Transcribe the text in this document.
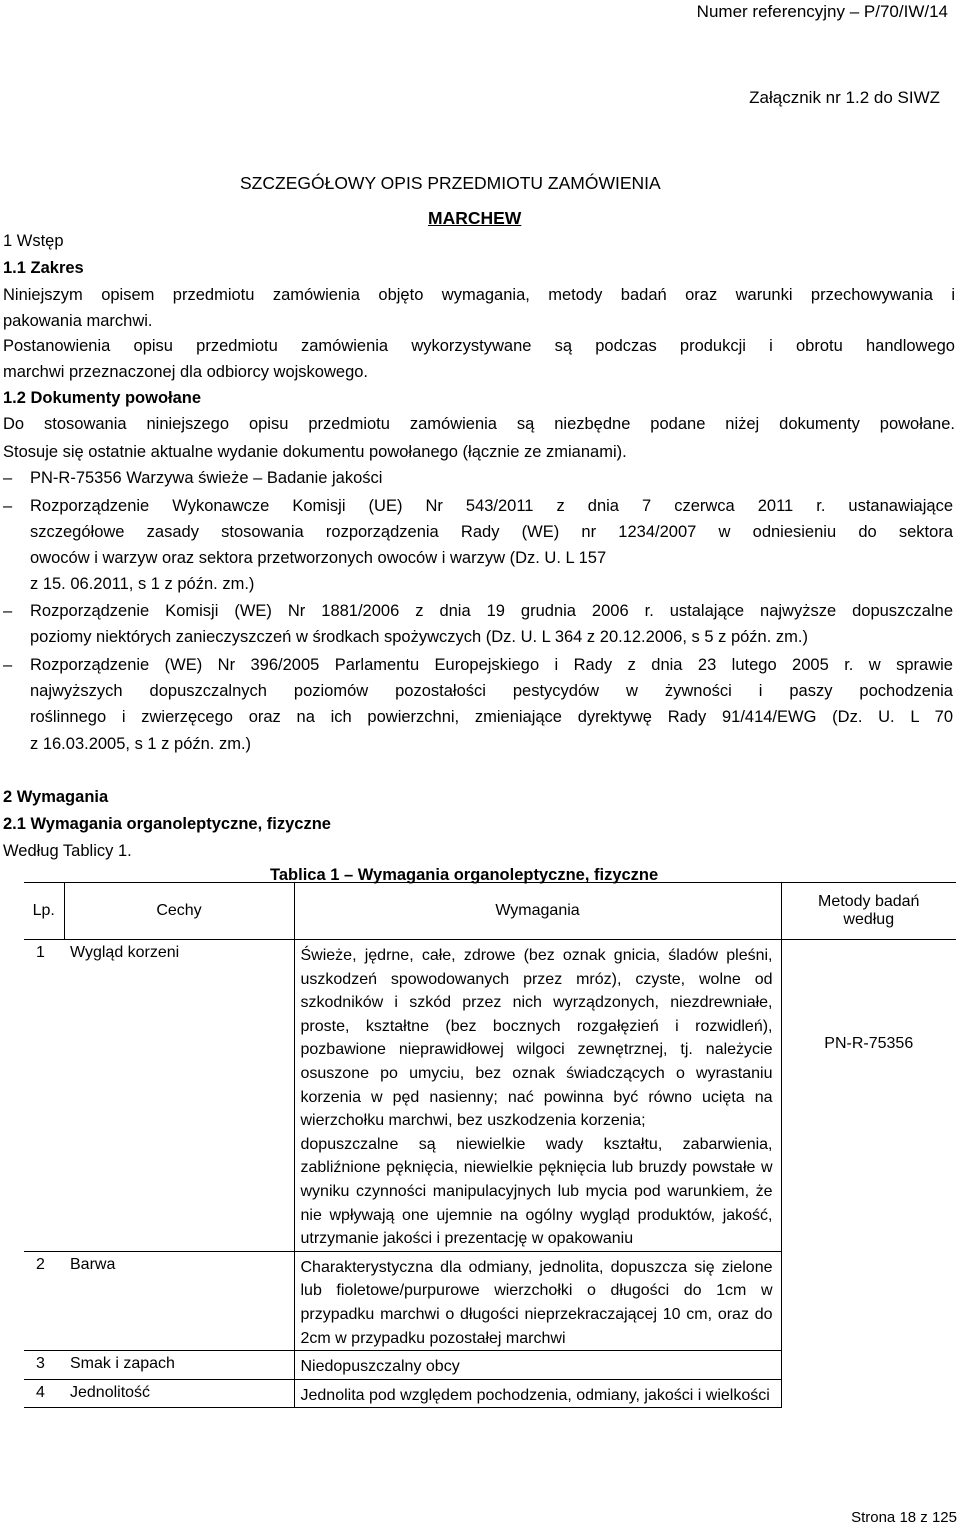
Numer referencyjny – P/70/IW/14
Załącznik nr 1.2 do SIWZ
SZCZEGÓŁOWY OPIS PRZEDMIOTU ZAMÓWIENIA
MARCHEW
1 Wstęp
1.1 Zakres
Niniejszym opisem przedmiotu zamówienia objęto wymagania, metody badań oraz warunki przechowywania i
pakowania marchwi.
Postanowienia opisu przedmiotu zamówienia wykorzystywane są podczas produkcji i obrotu handlowego
marchwi przeznaczonej dla odbiorcy wojskowego.
1.2 Dokumenty powołane
Do stosowania niniejszego opisu przedmiotu zamówienia są niezbędne podane niżej dokumenty powołane.
Stosuje się ostatnie aktualne wydanie dokumentu powołanego (łącznie ze zmianami).
– PN-R-75356 Warzywa świeże – Badanie jakości
– Rozporządzenie Wykonawcze Komisji (UE) Nr 543/2011 z dnia 7 czerwca 2011 r. ustanawiające
szczegółowe zasady stosowania rozporządzenia Rady (WE) nr 1234/2007 w odniesieniu do sektora
owoców i warzyw oraz sektora przetworzonych owoców i warzyw (Dz. U. L 157
z 15. 06.2011, s 1 z późn. zm.)
– Rozporządzenie Komisji (WE) Nr 1881/2006 z dnia 19 grudnia 2006 r. ustalające najwyższe dopuszczalne
poziomy niektórych zanieczyszczeń w środkach spożywczych (Dz. U. L 364 z 20.12.2006, s 5 z późn. zm.)
– Rozporządzenie (WE) Nr 396/2005 Parlamentu Europejskiego i Rady z dnia 23 lutego 2005 r. w sprawie
najwyższych dopuszczalnych poziomów pozostałości pestycydów w żywności i paszy pochodzenia
roślinnego i zwierzęcego oraz na ich powierzchni, zmieniające dyrektywę Rady 91/414/EWG (Dz. U. L 70
z 16.03.2005, s 1 z późn. zm.)
2 Wymagania
2.1 Wymagania organoleptyczne, fizyczne
Według Tablicy 1.
Tablica 1 – Wymagania organoleptyczne, fizyczne
Lp.	Cechy	Wymagania	Metody badań
według

1	Wygląd korzeni	Świeże, jędrne, całe, zdrowe (bez oznak gnicia, śladów pleśni, uszkodzeń spowodowanych przez mróz), czyste, wolne od szkodników i szkód przez nich wyrządzonych, niezdrewniałe, proste, kształtne (bez bocznych rozgałęzień i rozwidleń), pozbawione nieprawidłowej wilgoci zewnętrznej, tj. należycie osuszone po umyciu, bez oznak świadczących o wyrastaniu korzenia w pęd nasienny; nać powinna być równo ucięta na wierzchołku marchwi, bez uszkodzenia korzenia;
dopuszczalne są niewielkie wady kształtu, zabarwienia, zabliźnione pęknięcia, niewielkie pęknięcia lub bruzdy powstałe w wyniku czynności manipulacyjnych lub mycia pod warunkiem, że nie wpływają one ujemnie na ogólny wygląd produktów, jakość, utrzymanie jakości i prezentację w opakowaniu	PN-R-75356
2	Barwa	Charakterystyczna dla odmiany, jednolita, dopuszcza się zielone lub fioletowe/purpurowe wierzchołki o długości do 1cm w przypadku marchwi o długości nieprzekraczającej 10 cm, oraz do 2cm w przypadku pozostałej marchwi	
3	Smak i zapach	Niedopuszczalny obcy	
4	Jednolitość	Jednolita pod względem pochodzenia, odmiany, jakości i wielkości	
Strona 18 z 125
